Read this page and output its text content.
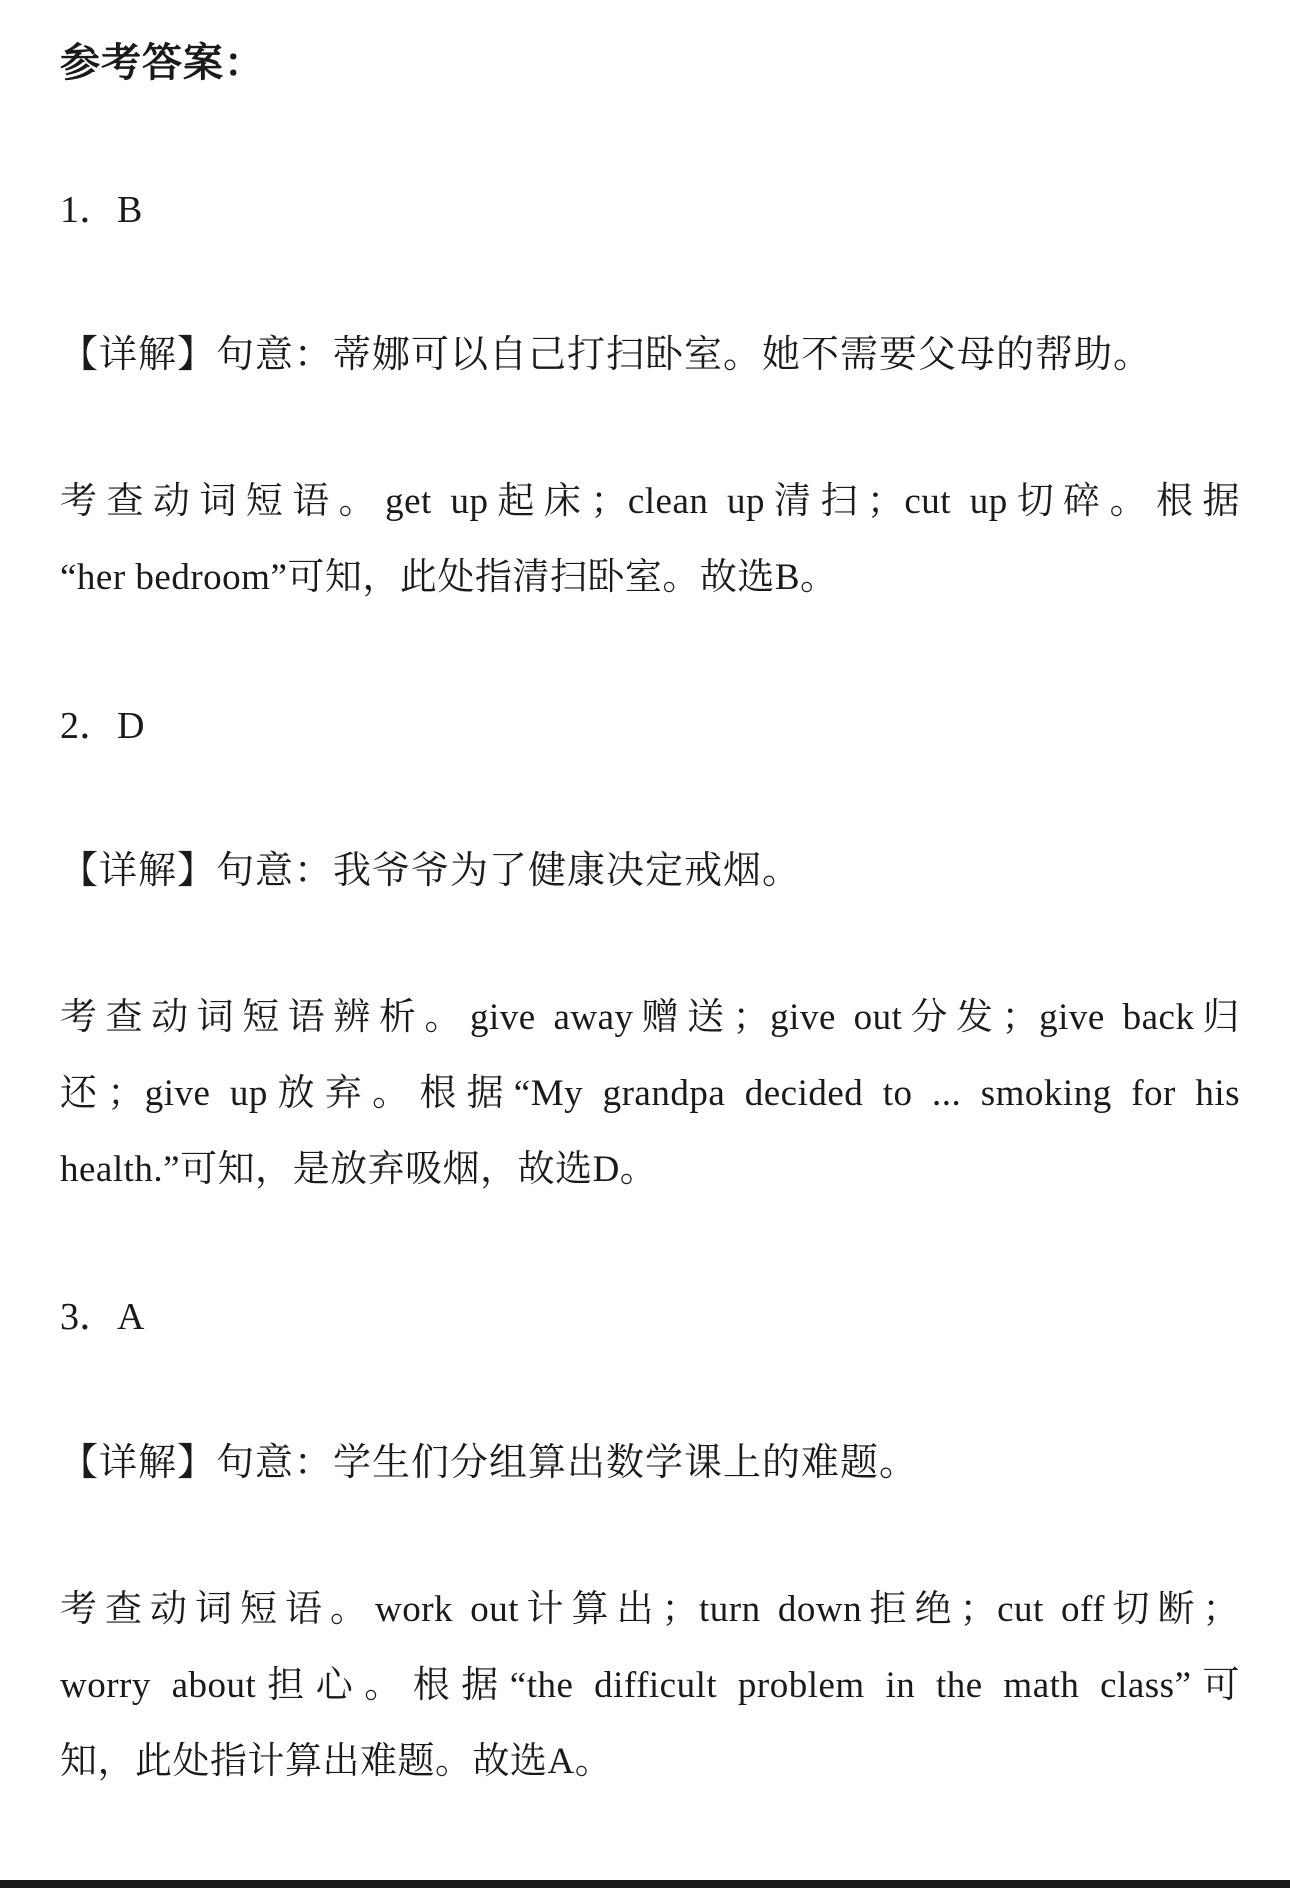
参考答案：
1．B
【详解】句意：蒂娜可以自己打扫卧室。她不需要父母的帮助。
考查动词短语。get up起床；clean up清扫；cut up切碎。根据
“her bedroom”可知，此处指清扫卧室。故选B。
2．D
【详解】句意：我爷爷为了健康决定戒烟。
考查动词短语辨析。give away赠送；give out分发；give back归
还；give up放弃。根据“My grandpa decided to ... smoking for his
health.”可知，是放弃吸烟，故选D。
3．A
【详解】句意：学生们分组算出数学课上的难题。
考查动词短语。work out计算出；turn down拒绝；cut off切断；
worry about担心。根据“the difficult problem in the math class”可
知，此处指计算出难题。故选A。
